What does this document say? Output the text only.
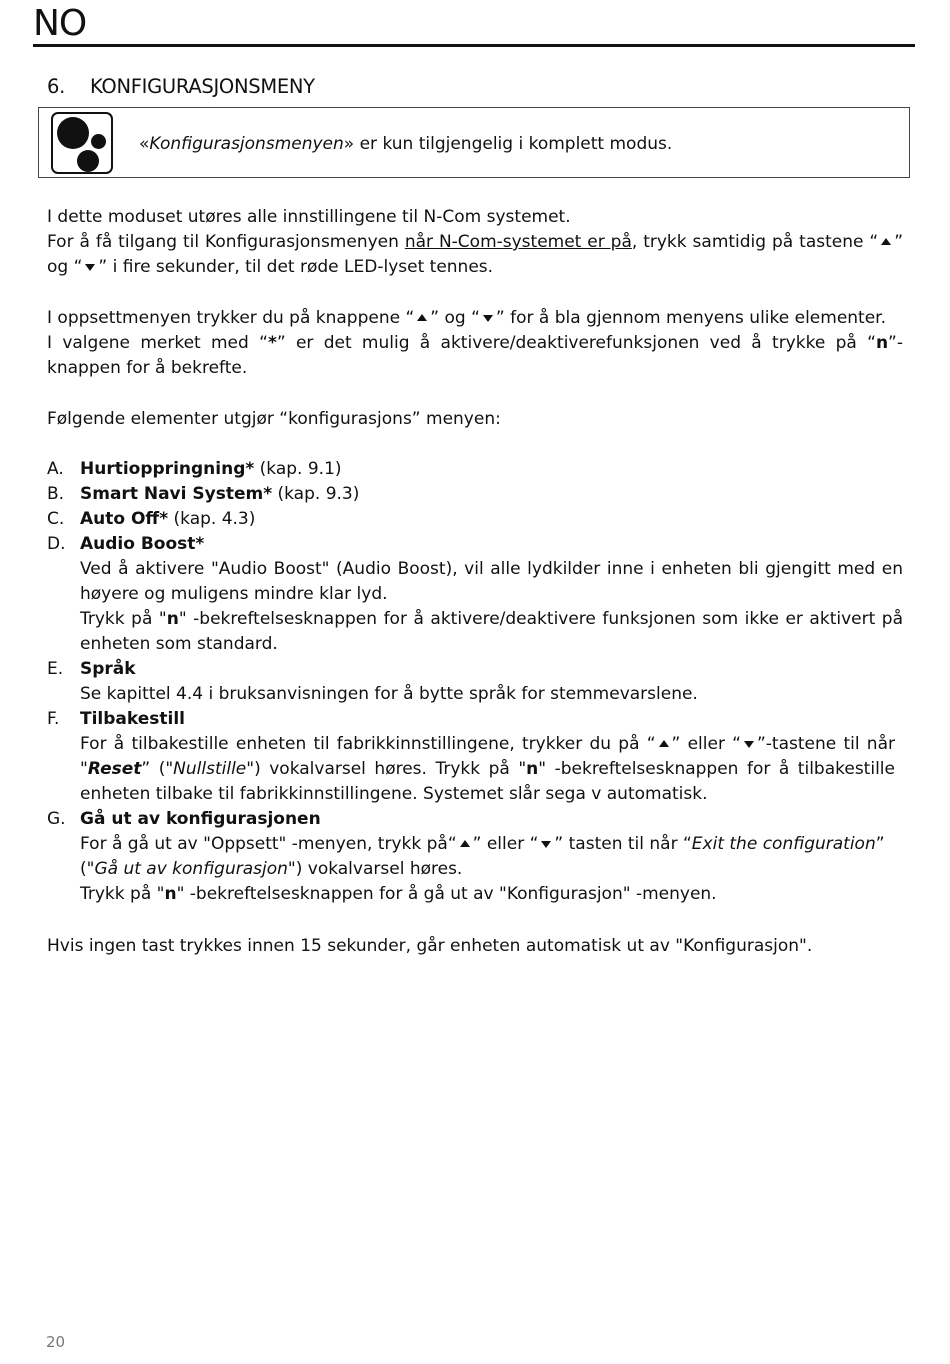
NO
6. KONFIGURASJONSMENY
«Konfigurasjonsmenyen» er kun tilgjengelig i komplett modus.

I dette moduset utøres alle innstillingene til N-Com systemet.
For å få tilgang til Konfigurasjonsmenyen når N-Com-systemet er på, trykk samtidig på tastene “ ” og “ ” i fire sekunder, til det røde LED-lyset tennes.

I oppsettmenyen trykker du på knappene “ ” og “ ” for å bla gjennom menyens ulike elementer.
I valgene merket med “*” er det mulig å aktivere/deaktiverefunksjonen ved å trykke på “n”-knappen for å bekrefte.

Følgende elementer utgjør “konfigurasjons” menyen:

A. Hurtioppringning* (kap. 9.1)
B. Smart Navi System* (kap. 9.3)
C. Auto Off* (kap. 4.3)
D. Audio Boost*
Ved å aktivere "Audio Boost" (Audio Boost), vil alle lydkilder inne i enheten bli gjengitt med en høyere og muligens mindre klar lyd.
Trykk på "n" -bekreftelsesknappen for å aktivere/deaktivere funksjonen som ikke er aktivert på enheten som standard.
E. Språk
Se kapittel 4.4 i bruksanvisningen for å bytte språk for stemmevarslene.
F.	Tilbakestill
For å tilbakestille enheten til fabrikkinnstillingene, trykker du på “ ” eller “ ”-tastene til når "Reset” ("Nullstille") vokalvarsel høres. Trykk på "n" -bekreftelsesknappen for å tilbakestille enheten tilbake til fabrikkinnstillingene. Systemet slår sega v automatisk.
G. Gå ut av konfigurasjonen
For å gå ut av "Oppsett" -menyen, trykk på“ ” eller “ ” tasten til når “Exit the configuration” ("Gå ut av konfigurasjon") vokalvarsel høres.
Trykk på "n" -bekreftelsesknappen for å gå ut av "Konfigurasjon" -menyen.

Hvis ingen tast trykkes innen 15 sekunder, går enheten automatisk ut av "Konfigurasjon".

20
